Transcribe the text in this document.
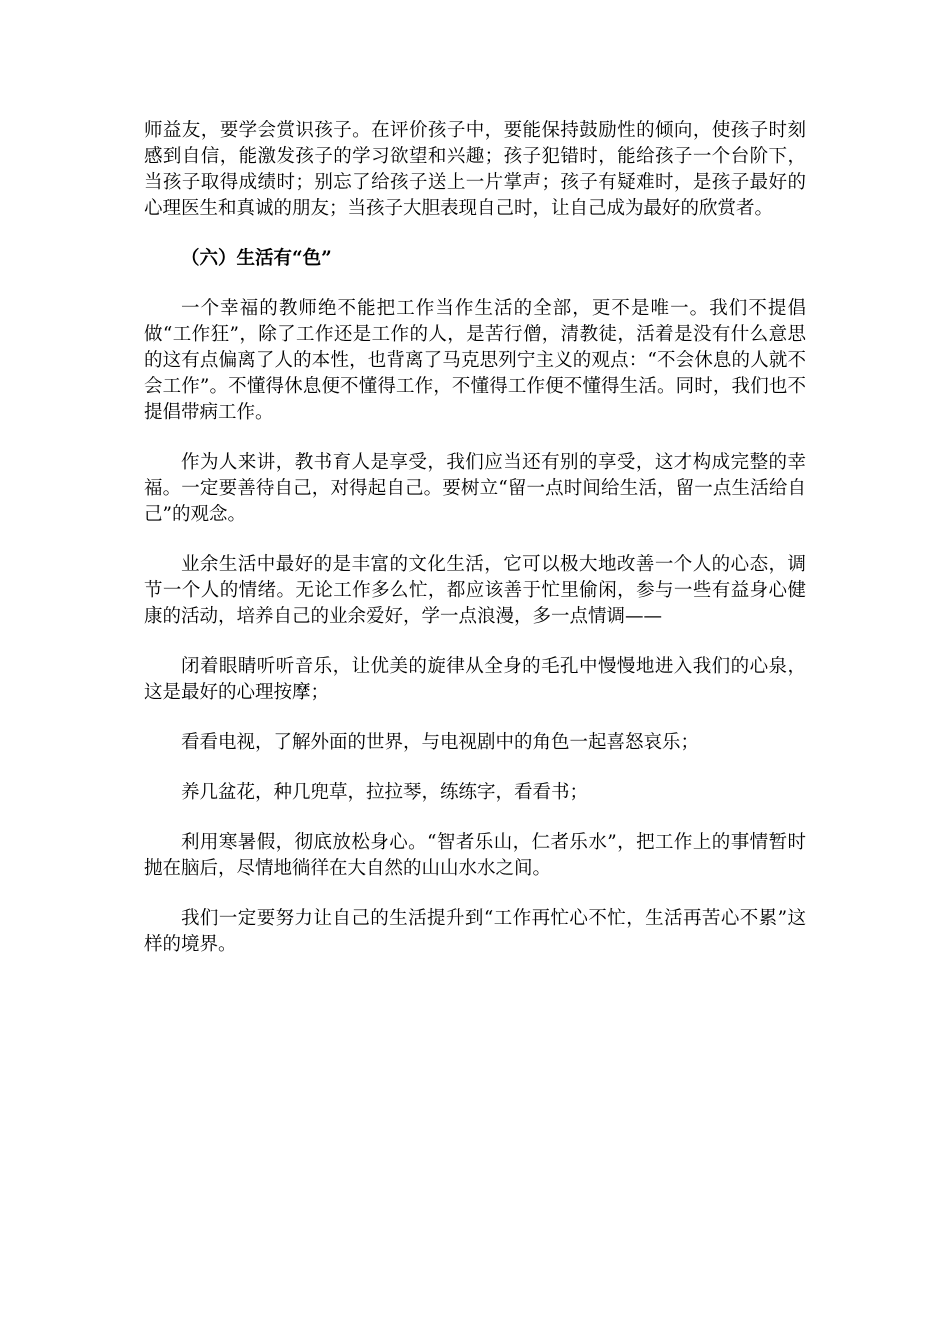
师益友，要学会赏识孩子。在评价孩子中，要能保持鼓励性的倾向，使孩子时刻感到自信，能激发孩子的学习欲望和兴趣；孩子犯错时，能给孩子一个台阶下，当孩子取得成绩时；别忘了给孩子送上一片掌声；孩子有疑难时，是孩子最好的心理医生和真诚的朋友；当孩子大胆表现自己时，让自己成为最好的欣赏者。

（六）生活有“色”

一个幸福的教师绝不能把工作当作生活的全部，更不是唯一。我们不提倡做“工作狂”，除了工作还是工作的人，是苦行僧，清教徒，活着是没有什么意思的这有点偏离了人的本性，也背离了马克思列宁主义的观点：“不会休息的人就不会工作”。不懂得休息便不懂得工作，不懂得工作便不懂得生活。同时，我们也不提倡带病工作。

作为人来讲，教书育人是享受，我们应当还有别的享受，这才构成完整的幸福。一定要善待自己，对得起自己。要树立“留一点时间给生活，留一点生活给自己”的观念。

业余生活中最好的是丰富的文化生活，它可以极大地改善一个人的心态，调节一个人的情绪。无论工作多么忙，都应该善于忙里偷闲，参与一些有益身心健康的活动，培养自己的业余爱好，学一点浪漫，多一点情调——

闭着眼睛听听音乐，让优美的旋律从全身的毛孔中慢慢地进入我们的心泉，这是最好的心理按摩；

看看电视，了解外面的世界，与电视剧中的角色一起喜怒哀乐；

养几盆花，种几兜草，拉拉琴，练练字，看看书；

利用寒暑假，彻底放松身心。“智者乐山，仁者乐水”，把工作上的事情暂时抛在脑后，尽情地徜徉在大自然的山山水水之间。

我们一定要努力让自己的生活提升到“工作再忙心不忙，生活再苦心不累”这样的境界。
